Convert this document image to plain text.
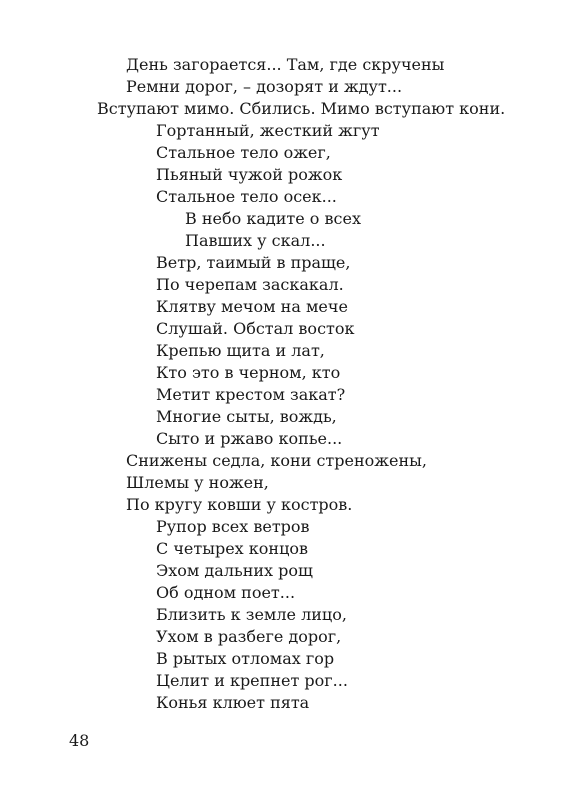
День загорается... Там, где скручены
Ремни дорог, – дозорят и ждут...
Вступают мимо. Сбились. Мимо вступают кони.
Гортанный, жесткий жгут
Стальное тело ожег,
Пьяный чужой рожок
Стальное тело осек...
В небо кадите о всех
Павших у скал...
Ветр, таимый в праще,
По черепам заскакал.
Клятву мечом на мече
Слушай. Обстал восток
Крепью щита и лат,
Кто это в черном, кто
Метит крестом закат?
Многие сыты, вождь,
Сыто и ржаво копье...
Снижены седла, кони стреножены,
Шлемы у ножен,
По кругу ковши у костров.
Рупор всех ветров
С четырех концов
Эхом дальних рощ
Об одном поет...
Близить к земле лицо,
Ухом в разбеге дорог,
В рытых отломах гор
Целит и крепнет рог...
Конья клюет пята
48
